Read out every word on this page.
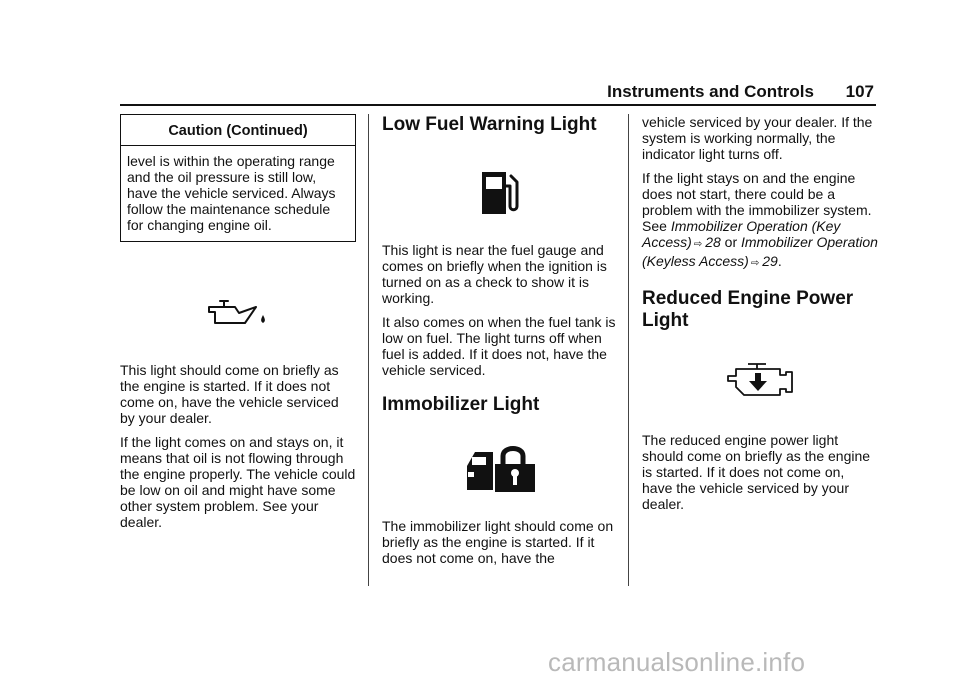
Instruments and Controls 107
Caution (Continued)
level is within the operating range and the oil pressure is still low, have the vehicle serviced. Always follow the maintenance schedule for changing engine oil.

This light should come on briefly as the engine is started. If it does not come on, have the vehicle serviced by your dealer.

If the light comes on and stays on, it means that oil is not flowing through the engine properly. The vehicle could be low on oil and might have some other system problem. See your dealer.

Low Fuel Warning Light

This light is near the fuel gauge and comes on briefly when the ignition is turned on as a check to show it is working.

It also comes on when the fuel tank is low on fuel. The light turns off when fuel is added. If it does not, have the vehicle serviced.

Immobilizer Light

The immobilizer light should come on briefly as the engine is started. If it does not come on, have the

vehicle serviced by your dealer. If the system is working normally, the indicator light turns off.

If the light stays on and the engine does not start, there could be a problem with the immobilizer system. See Immobilizer Operation (Key Access) ⇨ 28 or Immobilizer Operation (Keyless Access) ⇨ 29.

Reduced Engine Power Light

The reduced engine power light should come on briefly as the engine is started. If it does not come on, have the vehicle serviced by your dealer.

carmanualsonline.info
